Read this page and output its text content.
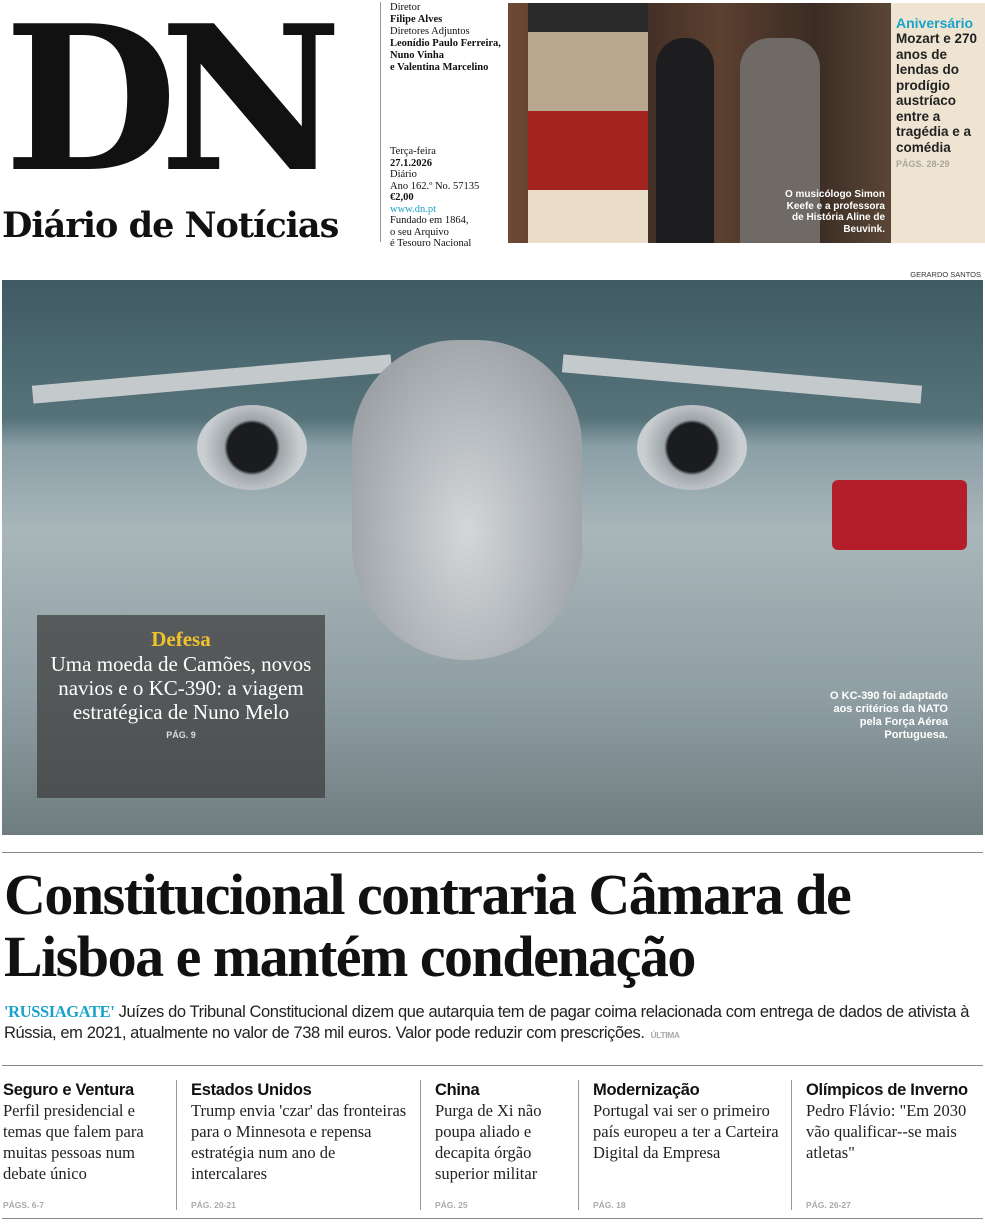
DN
Diário de Notícias
Diretor
Filipe Alves
Diretores Adjuntos
Leonídio Paulo Ferreira,
Nuno Vinha
e Valentina Marcelino
Terça-feira
27.1.2026
Diário
Ano 162.º No. 57135
€2,00
www.dn.pt
Fundado em 1864,
o seu Arquivo
é Tesouro Nacional
O musicólogo Simon Keefe e a professora de História Aline de Beuvink.
Aniversário
Mozart e 270 anos de lendas do prodígio austríaco entre a tragédia e a comédia
PÁGS. 28-29
GERARDO SANTOS
Defesa
Uma moeda de Camões, novos navios e o KC-390: a viagem estratégica de Nuno Melo
PÁG. 9
O KC-390 foi adaptado aos critérios da NATO pela Força Aérea Portuguesa.
Constitucional contraria Câmara de Lisboa e mantém condenação

'RUSSIAGATE' Juízes do Tribunal Constitucional dizem que autarquia tem de pagar coima relacionada com entrega de dados de ativista à Rússia, em 2021, atualmente no valor de 738 mil euros. Valor pode reduzir com prescrições. ÚLTIMA

Seguro e Ventura
Perfil presidencial e temas que falem para muitas pessoas num debate único
PÁGS. 6-7
Estados Unidos
Trump envia 'czar' das fronteiras para o Minnesota e repensa estratégia num ano de intercalares
PÁG. 20-21
China
Purga de Xi não poupa aliado e decapita órgão superior militar
PÁG. 25
Modernização
Portugal vai ser o primeiro país europeu a ter a Carteira Digital da Empresa
PÁG. 18
Olímpicos de Inverno
Pedro Flávio: "Em 2030 vão qualificar--se mais atletas"
PÁG. 26-27
